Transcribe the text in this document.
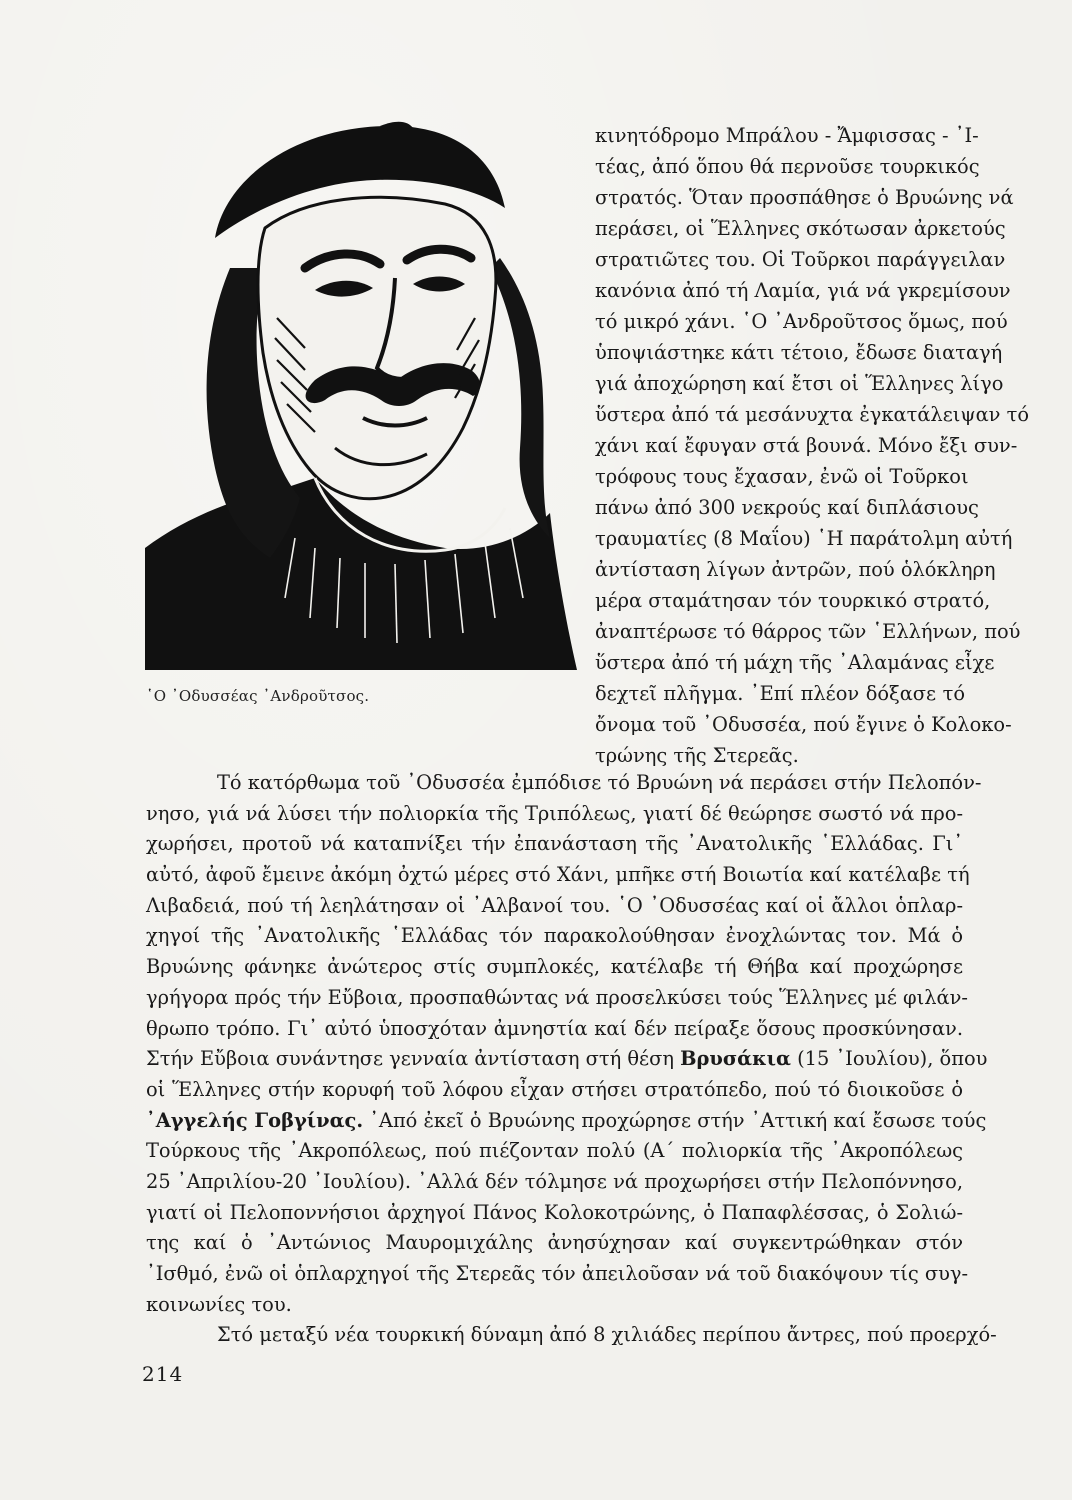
῾Ο ᾿Οδυσσέας ᾿Ανδροῦτσος.
κινητόδρομο Μπράλου - Ἄμφισσας - ᾿Ι-
τέας, ἀπό ὅπου θά περνοῦσε τουρκικός
στρατός. Ὅταν προσπάθησε ὁ Βρυώνης νά
περάσει, οἱ Ἕλληνες σκότωσαν ἀρκετούς
στρατιῶτες του. Οἱ Τοῦρκοι παράγγειλαν
κανόνια ἀπό τή Λαμία, γιά νά γκρεμίσουν
τό μικρό χάνι. ῾Ο ᾿Ανδροῦτσος ὅμως, πού
ὑποψιάστηκε κάτι τέτοιο, ἔδωσε διαταγή
γιά ἀποχώρηση καί ἔτσι οἱ Ἕλληνες λίγο
ὕστερα ἀπό τά μεσάνυχτα ἐγκατάλειψαν τό
χάνι καί ἔφυγαν στά βουνά. Μόνο ἔξι συν-
τρόφους τους ἔχασαν, ἐνῶ οἱ Τοῦρκοι
πάνω ἀπό 300 νεκρούς καί διπλάσιους
τραυματίες (8 Μαΐου) ῾Η παράτολμη αὐτή
ἀντίσταση λίγων ἀντρῶν, πού ὁλόκληρη
μέρα σταμάτησαν τόν τουρκικό στρατό,
ἀναπτέρωσε τό θάρρος τῶν ῾Ελλήνων, πού
ὕστερα ἀπό τή μάχη τῆς ᾿Αλαμάνας εἶχε
δεχτεῖ πλῆγμα. ᾿Επί πλέον δόξασε τό
ὄνομα τοῦ ᾿Οδυσσέα, πού ἔγινε ὁ Κολοκο-
τρώνης τῆς Στερεᾶς.
Τό κατόρθωμα τοῦ ᾿Οδυσσέα ἐμπόδισε τό Βρυώνη νά περάσει στήν Πελοπόν-
νησο, γιά νά λύσει τήν πολιορκία τῆς Τριπόλεως, γιατί δέ θεώρησε σωστό νά προ-
χωρήσει, προτοῦ νά καταπνίξει τήν ἐπανάσταση τῆς ᾿Ανατολικῆς ῾Ελλάδας. Γι᾿
αὐτό, ἀφοῦ ἔμεινε ἀκόμη ὀχτώ μέρες στό Χάνι, μπῆκε στή Βοιωτία καί κατέλαβε τή
Λιβαδειά, πού τή λεηλάτησαν οἱ ᾿Αλβανοί του. ῾Ο ᾿Οδυσσέας καί οἱ ἄλλοι ὁπλαρ-
χηγοί τῆς ᾿Ανατολικῆς ῾Ελλάδας τόν παρακολούθησαν ἐνοχλώντας τον. Μά ὁ
Βρυώνης φάνηκε ἀνώτερος στίς συμπλοκές, κατέλαβε τή Θήβα καί προχώρησε
γρήγορα πρός τήν Εὔβοια, προσπαθώντας νά προσελκύσει τούς Ἕλληνες μέ φιλάν-
θρωπο τρόπο. Γι᾿ αὐτό ὑποσχόταν ἀμνηστία καί δέν πείραξε ὅσους προσκύνησαν.
Στήν Εὔβοια συνάντησε γενναία ἀντίσταση στή θέση Βρυσάκια (15 ᾿Ιουλίου), ὅπου
οἱ Ἕλληνες στήν κορυφή τοῦ λόφου εἶχαν στήσει στρατόπεδο, πού τό διοικοῦσε ὁ
᾿Αγγελής Γοβγίνας. ᾿Από ἐκεῖ ὁ Βρυώνης προχώρησε στήν ᾿Αττική καί ἔσωσε τούς
Τούρκους τῆς ᾿Ακροπόλεως, πού πιέζονταν πολύ (Α΄ πολιορκία τῆς ᾿Ακροπόλεως
25 ᾿Απριλίου-20 ᾿Ιουλίου). ᾿Αλλά δέν τόλμησε νά προχωρήσει στήν Πελοπόννησο,
γιατί οἱ Πελοποννήσιοι ἀρχηγοί Πάνος Κολοκοτρώνης, ὁ Παπαφλέσσας, ὁ Σολιώ-
της καί ὁ ᾿Αντώνιος Μαυρομιχάλης ἀνησύχησαν καί συγκεντρώθηκαν στόν
᾿Ισθμό, ἐνῶ οἱ ὁπλαρχηγοί τῆς Στερεᾶς τόν ἀπειλοῦσαν νά τοῦ διακόψουν τίς συγ-
κοινωνίες του.
Στό μεταξύ νέα τουρκική δύναμη ἀπό 8 χιλιάδες περίπου ἄντρες, πού προερχό-
214
